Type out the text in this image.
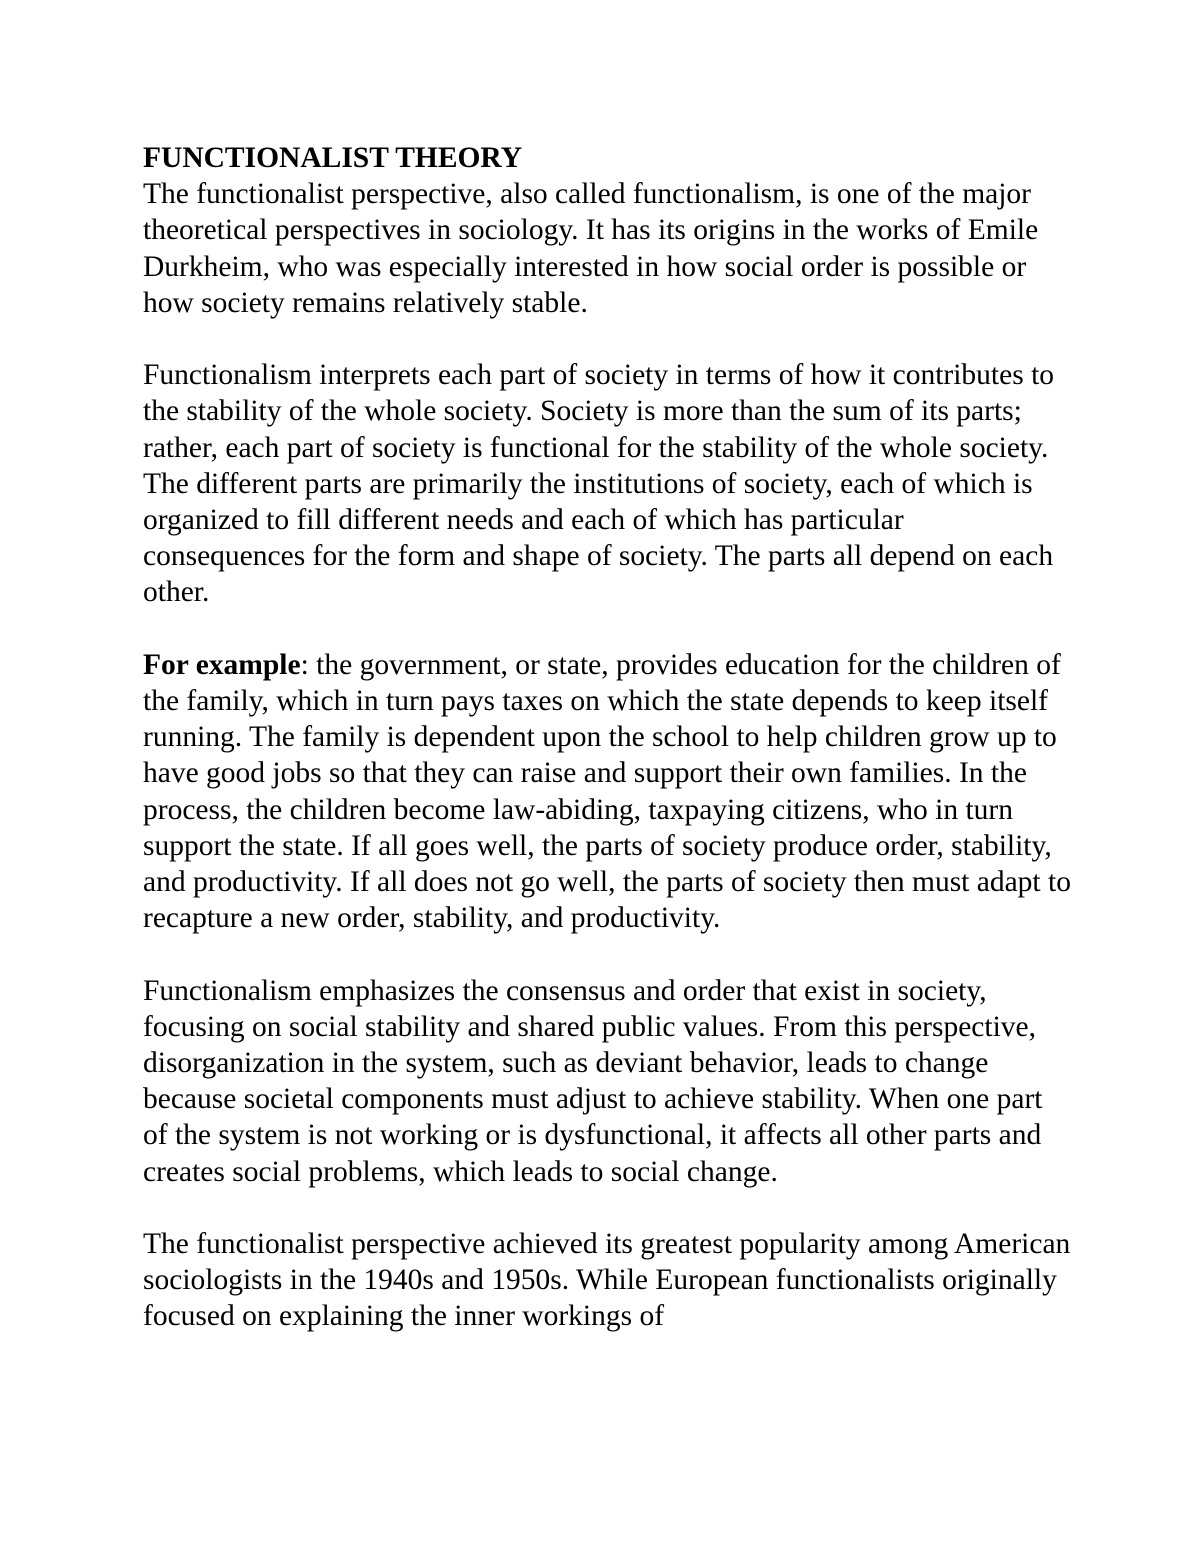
FUNCTIONALIST THEORY

The functionalist perspective, also called functionalism, is one of the major theoretical perspectives in sociology. It has its origins in the works of Emile Durkheim, who was especially interested in how social order is possible or how society remains relatively stable.

Functionalism interprets each part of society in terms of how it contributes to the stability of the whole society. Society is more than the sum of its parts; rather, each part of society is functional for the stability of the whole society. The different parts are primarily the institutions of society, each of which is organized to fill different needs and each of which has particular consequences for the form and shape of society. The parts all depend on each other.

For example: the government, or state, provides education for the children of the family, which in turn pays taxes on which the state depends to keep itself running. The family is dependent upon the school to help children grow up to have good jobs so that they can raise and support their own families. In the process, the children become law-abiding, taxpaying citizens, who in turn support the state. If all goes well, the parts of society produce order, stability, and productivity. If all does not go well, the parts of society then must adapt to recapture a new order, stability, and productivity.

Functionalism emphasizes the consensus and order that exist in society, focusing on social stability and shared public values. From this perspective, disorganization in the system, such as deviant behavior, leads to change because societal components must adjust to achieve stability. When one part of the system is not working or is dysfunctional, it affects all other parts and creates social problems, which leads to social change.

The functionalist perspective achieved its greatest popularity among American sociologists in the 1940s and 1950s. While European functionalists originally focused on explaining the inner workings of
